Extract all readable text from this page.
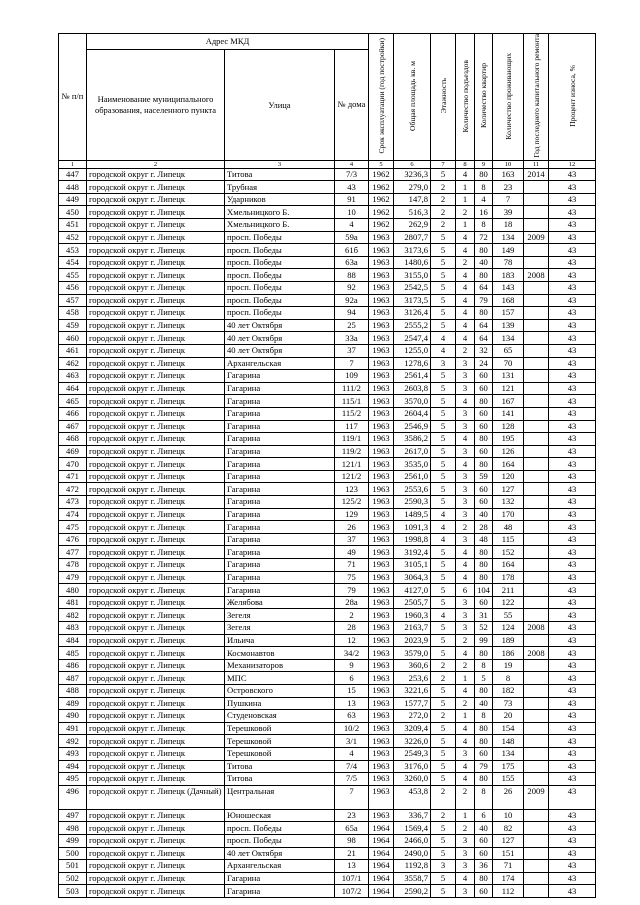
№ п/п	Адрес МКД			Срок эксплуатации (год постройки)	Общая площадь кв. м	Этажность	Количество подъездов	Количество квартир	Количество проживающих	Год последнего капитального ремонта	Процент износа, %
	Наименование муниципального образования, населенного пункта	Улица	№ дома								
1	2	3	4	5	6	7	8	9	10	11	12
447	городской округ г. Липецк	Титова	7/3	1962	3236,3	5	4	80	163	2014	43
448	городской округ г. Липецк	Трубная	43	1962	279,0	2	1	8	23		43
449	городской округ г. Липецк	Ударников	91	1962	147,8	2	1	4	7		43
450	городской округ г. Липецк	Хмельницкого Б.	10	1962	516,3	2	2	16	39		43
451	городской округ г. Липецк	Хмельницкого Б.	4	1962	262,9	2	1	8	18		43
452	городской округ г. Липецк	просп. Победы	59а	1963	2807,7	5	4	72	134	2009	43
453	городской округ г. Липецк	просп. Победы	61б	1963	3173,6	5	4	80	149		43
454	городской округ г. Липецк	просп. Победы	63а	1963	1480,6	5	2	40	78		43
455	городской округ г. Липецк	просп. Победы	88	1963	3155,0	5	4	80	183	2008	43
456	городской округ г. Липецк	просп. Победы	92	1963	2542,5	5	4	64	143		43
457	городской округ г. Липецк	просп. Победы	92а	1963	3173,5	5	4	79	168		43
458	городской округ г. Липецк	просп. Победы	94	1963	3126,4	5	4	80	157		43
459	городской округ г. Липецк	40 лет Октября	25	1963	2555,2	5	4	64	139		43
460	городской округ г. Липецк	40 лет Октября	33а	1963	2547,4	4	4	64	134		43
461	городской округ г. Липецк	40 лет Октября	37	1963	1255,0	4	2	32	65		43
462	городской округ г. Липецк	Архангельская	7	1963	1278,6	3	3	24	70		43
463	городской округ г. Липецк	Гагарина	109	1963	2561,4	5	3	60	131		43
464	городской округ г. Липецк	Гагарина	111/2	1963	2603,8	5	3	60	121		43
465	городской округ г. Липецк	Гагарина	115/1	1963	3570,0	5	4	80	167		43
466	городской округ г. Липецк	Гагарина	115/2	1963	2604,4	5	3	60	141		43
467	городской округ г. Липецк	Гагарина	117	1963	2546,9	5	3	60	128		43
468	городской округ г. Липецк	Гагарина	119/1	1963	3586,2	5	4	80	195		43
469	городской округ г. Липецк	Гагарина	119/2	1963	2617,0	5	3	60	126		43
470	городской округ г. Липецк	Гагарина	121/1	1963	3535,0	5	4	80	164		43
471	городской округ г. Липецк	Гагарина	121/2	1963	2561,0	5	3	59	120		43
472	городской округ г. Липецк	Гагарина	123	1963	2553,6	5	3	60	127		43
473	городской округ г. Липецк	Гагарина	125/2	1963	2590,3	5	3	60	132		43
474	городской округ г. Липецк	Гагарина	129	1963	1489,5	4	3	40	170		43
475	городской округ г. Липецк	Гагарина	26	1963	1091,3	4	2	28	48		43
476	городской округ г. Липецк	Гагарина	37	1963	1998,8	4	3	48	115		43
477	городской округ г. Липецк	Гагарина	49	1963	3192,4	5	4	80	152		43
478	городской округ г. Липецк	Гагарина	71	1963	3105,1	5	4	80	164		43
479	городской округ г. Липецк	Гагарина	75	1963	3064,3	5	4	80	178		43
480	городской округ г. Липецк	Гагарина	79	1963	4127,0	5	6	104	211		43
481	городской округ г. Липецк	Желябова	28а	1963	2505,7	5	3	60	122		43
482	городской округ г. Липецк	Зегеля	2	1963	1960,3	4	3	31	55		43
483	городской округ г. Липецк	Зегеля	28	1963	2163,7	5	3	52	124	2008	43
484	городской округ г. Липецк	Ильича	12	1963	2023,9	5	2	99	189		43
485	городской округ г. Липецк	Космонавтов	34/2	1963	3579,0	5	4	80	186	2008	43
486	городской округ г. Липецк	Механизаторов	9	1963	360,6	2	2	8	19		43
487	городской округ г. Липецк	МПС	6	1963	253,6	2	1	5	8		43
488	городской округ г. Липецк	Островского	15	1963	3221,6	5	4	80	182		43
489	городской округ г. Липецк	Пушкина	13	1963	1577,7	5	2	40	73		43
490	городской округ г. Липецк	Студеновская	63	1963	272,0	2	1	8	20		43
491	городской округ г. Липецк	Терешковой	10/2	1963	3209,4	5	4	80	154		43
492	городской округ г. Липецк	Терешковой	3/1	1963	3226,0	5	4	80	148		43
493	городской округ г. Липецк	Терешковой	4	1963	2549,3	5	3	60	134		43
494	городской округ г. Липецк	Титова	7/4	1963	3176,0	5	4	79	175		43
495	городской округ г. Липецк	Титова	7/5	1963	3260,0	5	4	80	155		43
496	городской округ г. Липецк (Дачный)	Центральная	7	1963	453,8	2	2	8	26	2009	43
497	городской округ г. Липецк	Юношеская	23	1963	336,7	2	1	6	10		43
498	городской округ г. Липецк	просп. Победы	65а	1964	1569,4	5	2	40	82		43
499	городской округ г. Липецк	просп. Победы	98	1964	2466,0	5	3	60	127		43
500	городской округ г. Липецк	40 лет Октября	21	1964	2490,0	5	3	60	151		43
501	городской округ г. Липецк	Архангельская	13	1964	1192,8	3	3	36	71		43
502	городской округ г. Липецк	Гагарина	107/1	1964	3558,7	5	4	80	174		43
503	городской округ г. Липецк	Гагарина	107/2	1964	2590,2	5	3	60	112		43
